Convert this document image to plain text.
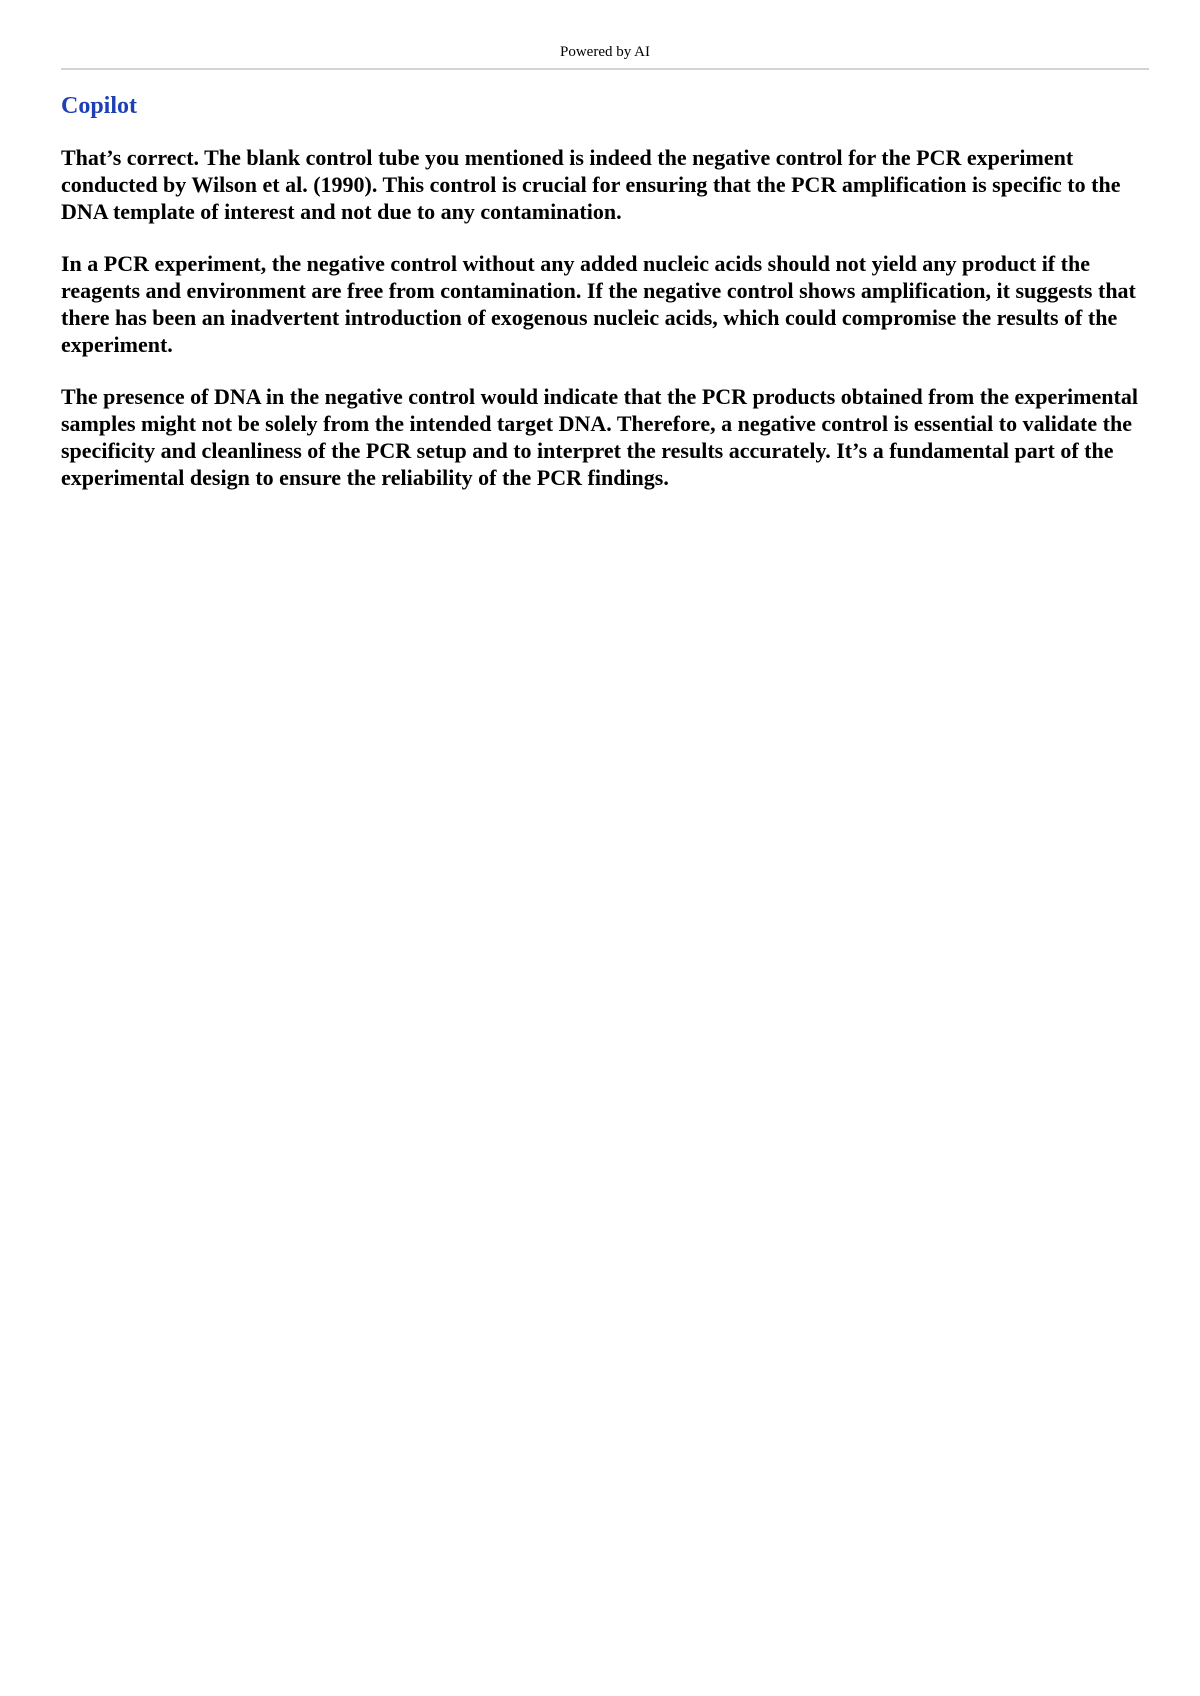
Powered by AI
Copilot

That’s correct. The blank control tube you mentioned is indeed the negative control for the PCR experiment conducted by Wilson et al. (1990). This control is crucial for ensuring that the PCR amplification is specific to the DNA template of interest and not due to any contamination.

In a PCR experiment, the negative control without any added nucleic acids should not yield any product if the reagents and environment are free from contamination. If the negative control shows amplification, it suggests that there has been an inadvertent introduction of exogenous nucleic acids, which could compromise the results of the experiment.

The presence of DNA in the negative control would indicate that the PCR products obtained from the experimental samples might not be solely from the intended target DNA. Therefore, a negative control is essential to validate the specificity and cleanliness of the PCR setup and to interpret the results accurately. It’s a fundamental part of the experimental design to ensure the reliability of the PCR findings.
